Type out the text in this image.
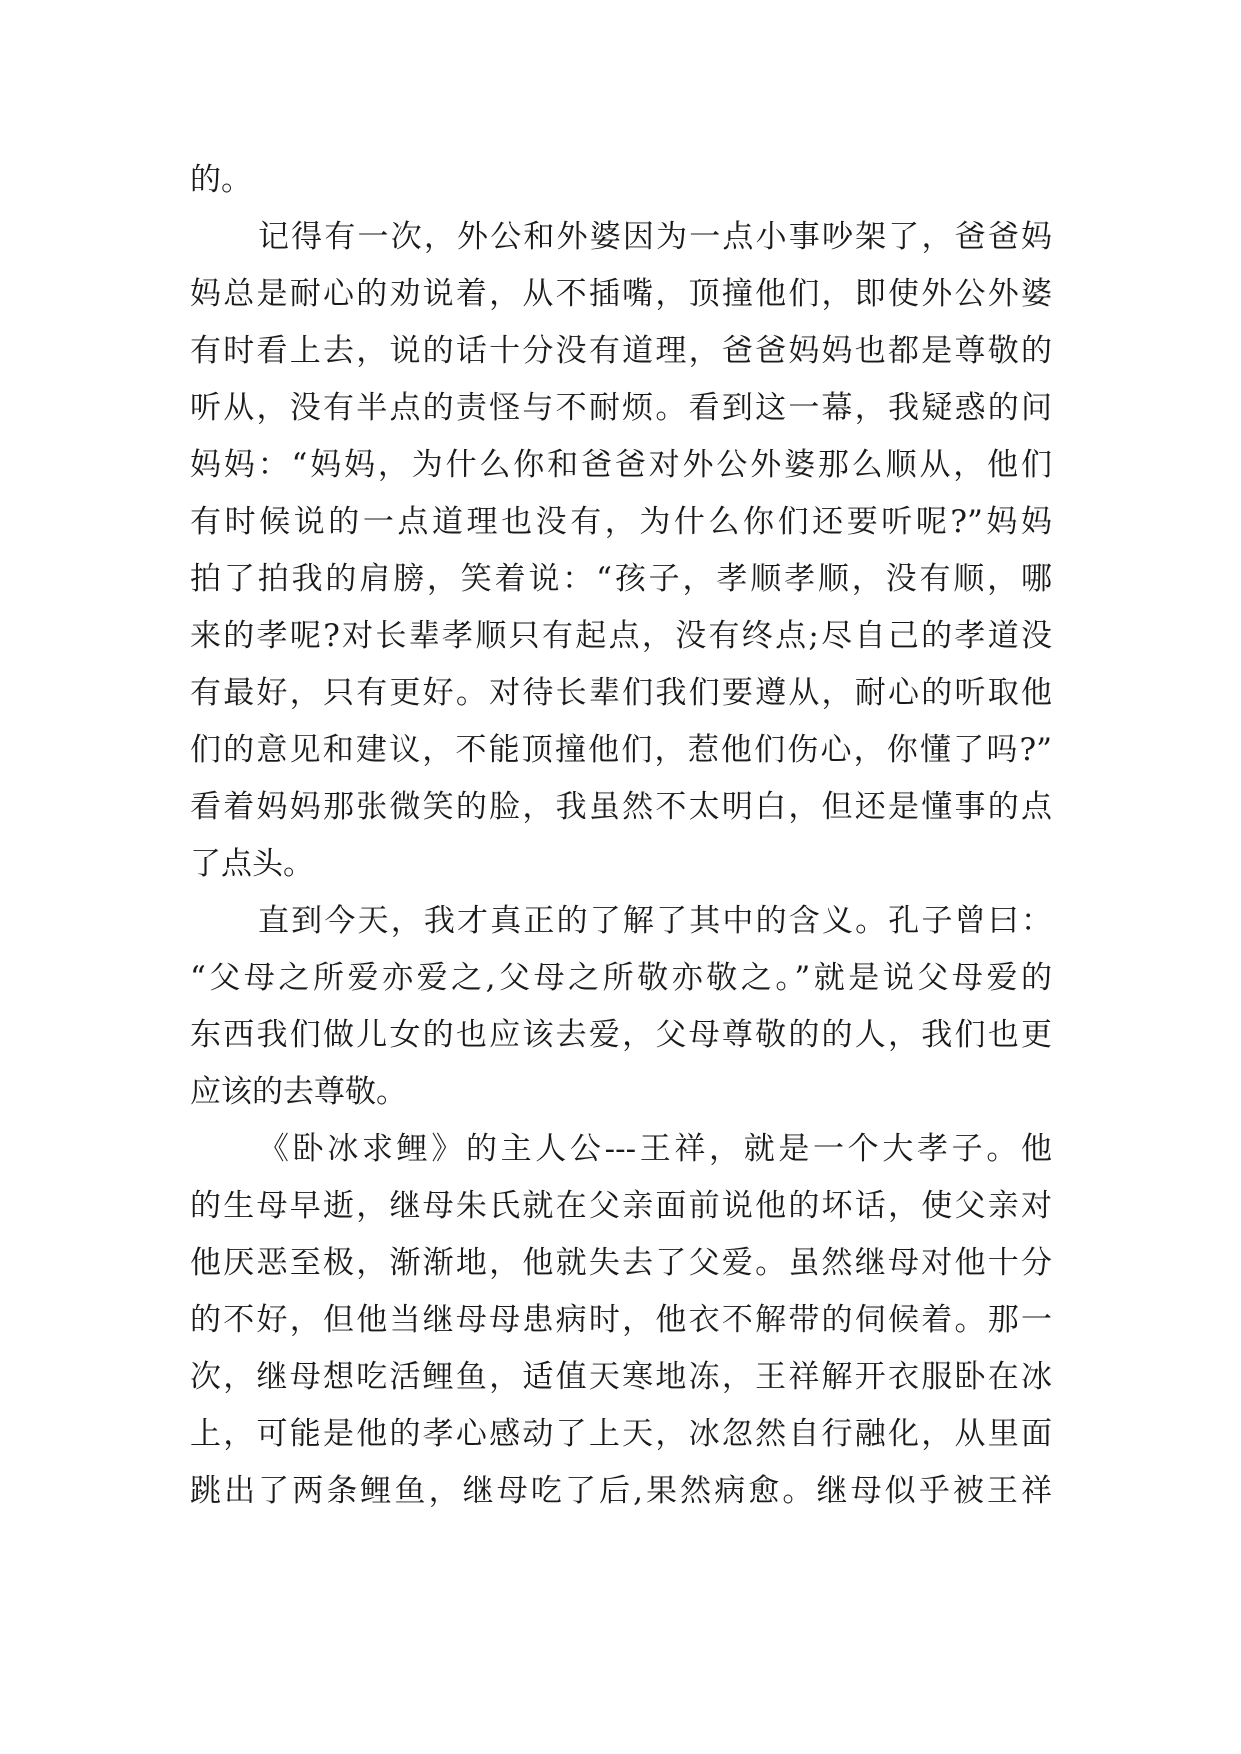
的。
记得有一次，外公和外婆因为一点小事吵架了，爸爸妈
妈总是耐心的劝说着，从不插嘴，顶撞他们，即使外公外婆
有时看上去，说的话十分没有道理，爸爸妈妈也都是尊敬的
听从，没有半点的责怪与不耐烦。看到这一幕，我疑惑的问
妈妈：“妈妈，为什么你和爸爸对外公外婆那么顺从，他们
有时候说的一点道理也没有，为什么你们还要听呢?”妈妈
拍了拍我的肩膀，笑着说：“孩子，孝顺孝顺，没有顺，哪
来的孝呢?对长辈孝顺只有起点，没有终点;尽自己的孝道没
有最好，只有更好。对待长辈们我们要遵从，耐心的听取他
们的意见和建议，不能顶撞他们，惹他们伤心，你懂了吗?”
看着妈妈那张微笑的脸，我虽然不太明白，但还是懂事的点
了点头。
直到今天，我才真正的了解了其中的含义。孔子曾曰：
“父母之所爱亦爱之,父母之所敬亦敬之。”就是说父母爱的
东西我们做儿女的也应该去爱，父母尊敬的的人，我们也更
应该的去尊敬。
《卧冰求鲤》的主人公---王祥，就是一个大孝子。他
的生母早逝，继母朱氏就在父亲面前说他的坏话，使父亲对
他厌恶至极，渐渐地，他就失去了父爱。虽然继母对他十分
的不好，但他当继母母患病时，他衣不解带的伺候着。那一
次，继母想吃活鲤鱼，适值天寒地冻，王祥解开衣服卧在冰
上，可能是他的孝心感动了上天，冰忽然自行融化，从里面
跳出了两条鲤鱼，继母吃了后,果然病愈。继母似乎被王祥
